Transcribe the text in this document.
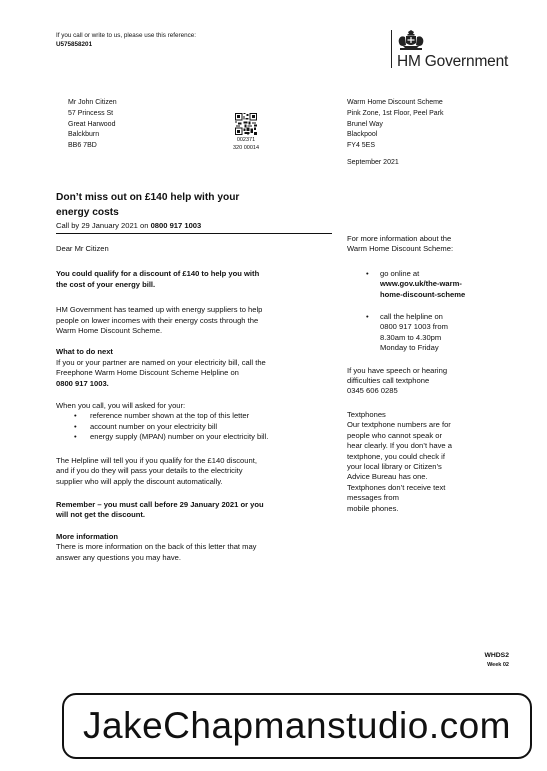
If you call or write to us, please use this reference:
U575858201
HM Government
Mr John Citizen
57 Princess St
Great Harwood
Balckburn
BB6 7BD
002371
320 00014
Warm Home Discount Scheme
Pink Zone, 1st Floor, Peel Park
Brunel Way
Blackpool
FY4 5ES
September 2021
Don’t miss out on £140 help with your
energy costs
Call by 29 January 2021 on 0800 917 1003
Dear Mr Citizen
You could qualify for a discount of £140 to help you with
the cost of your energy bill.
HM Government has teamed up with energy suppliers to help
people on lower incomes with their energy costs through the
Warm Home Discount Scheme.
What to do next
If you or your partner are named on your electricity bill, call the
Freephone Warm Home Discount Scheme Helpline on
0800 917 1003.
When you call, you will asked for your:
• reference number shown at the top of this letter
• account number on your electricity bill
• energy supply (MPAN) number on your electricity bill.
The Helpline will tell you if you qualify for the £140 discount,
and if you do they will pass your details to the electricity
supplier who will apply the discount automatically.
Remember – you must call before 29 January 2021 or you
will not get the discount.
More information
There is more information on the back of this letter that may
answer any questions you may have.
For more information about the
Warm Home Discount Scheme:
• go online at
www.gov.uk/the-warm-
home-discount-scheme
• call the helpline on
0800 917 1003 from
8.30am to 4.30pm
Monday to Friday
If you have speech or hearing
difficulties call textphone
0345 606 0285
Textphones
Our textphone numbers are for
people who cannot speak or
hear clearly. If you don’t have a
textphone, you could check if
your local library or Citizen’s
Advice Bureau has one.
Textphones don’t receive text
messages from
mobile phones.
WHDS2
Week 02
JakeChapmanstudio.com
